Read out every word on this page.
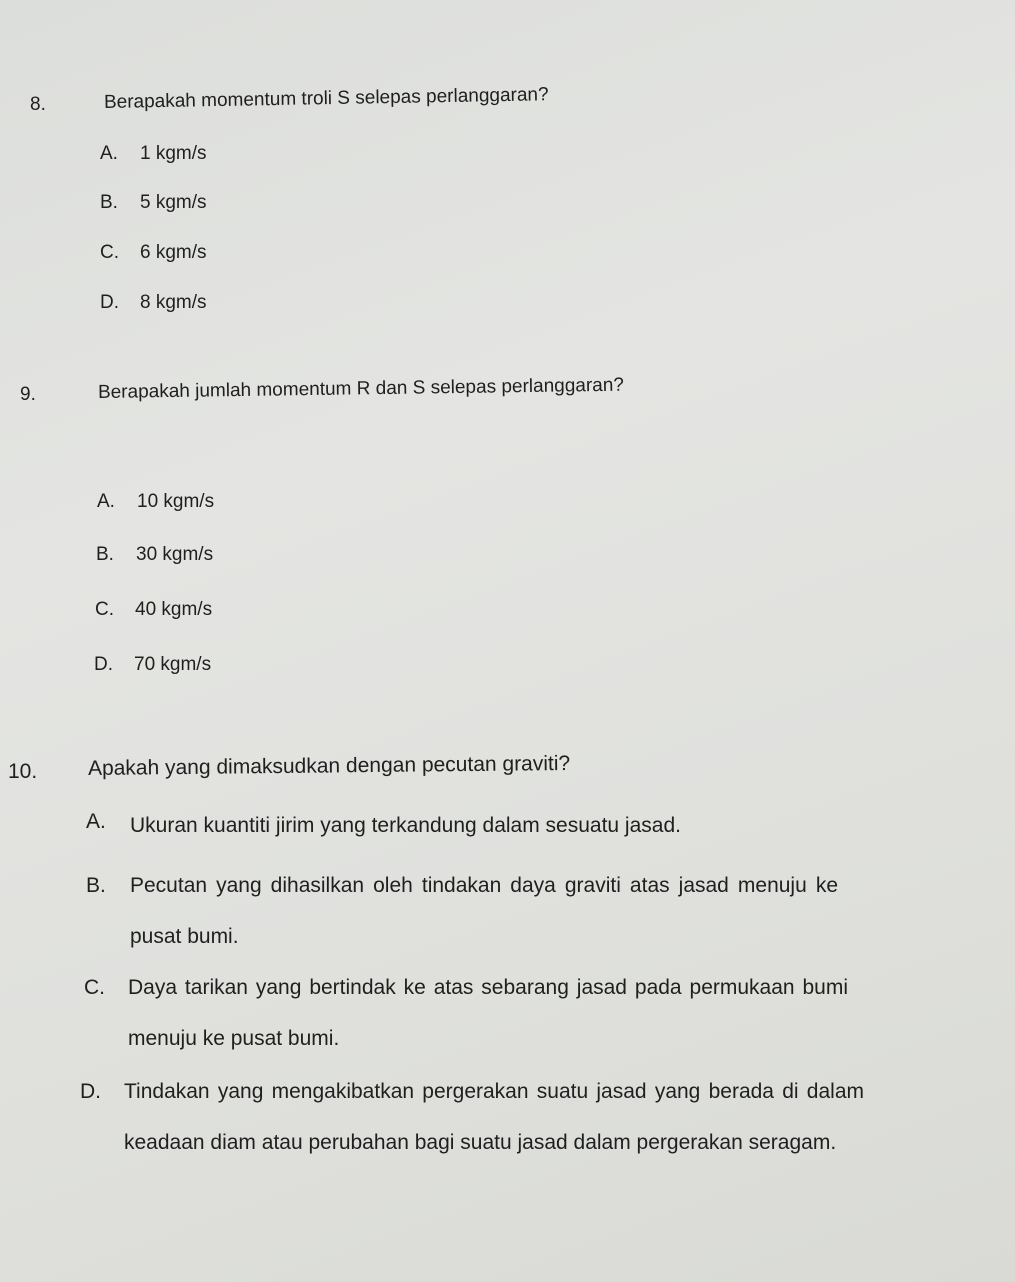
8.	Berapakah momentum troli S selepas perlanggaran?
A. 1 kgm/s
B. 5 kgm/s
C. 6 kgm/s
D. 8 kgm/s
9.	Berapakah jumlah momentum R dan S selepas perlanggaran?
A. 10 kgm/s
B. 30 kgm/s
C. 40 kgm/s
D. 70 kgm/s
10. Apakah yang dimaksudkan dengan pecutan graviti?
A. Ukuran kuantiti jirim yang terkandung dalam sesuatu jasad.
B. Pecutan yang dihasilkan oleh tindakan daya graviti atas jasad menuju ke pusat bumi.
C. Daya tarikan yang bertindak ke atas sebarang jasad pada permukaan bumi menuju ke pusat bumi.
D. Tindakan yang mengakibatkan pergerakan suatu jasad yang berada di dalam keadaan diam atau perubahan bagi suatu jasad dalam pergerakan seragam.
